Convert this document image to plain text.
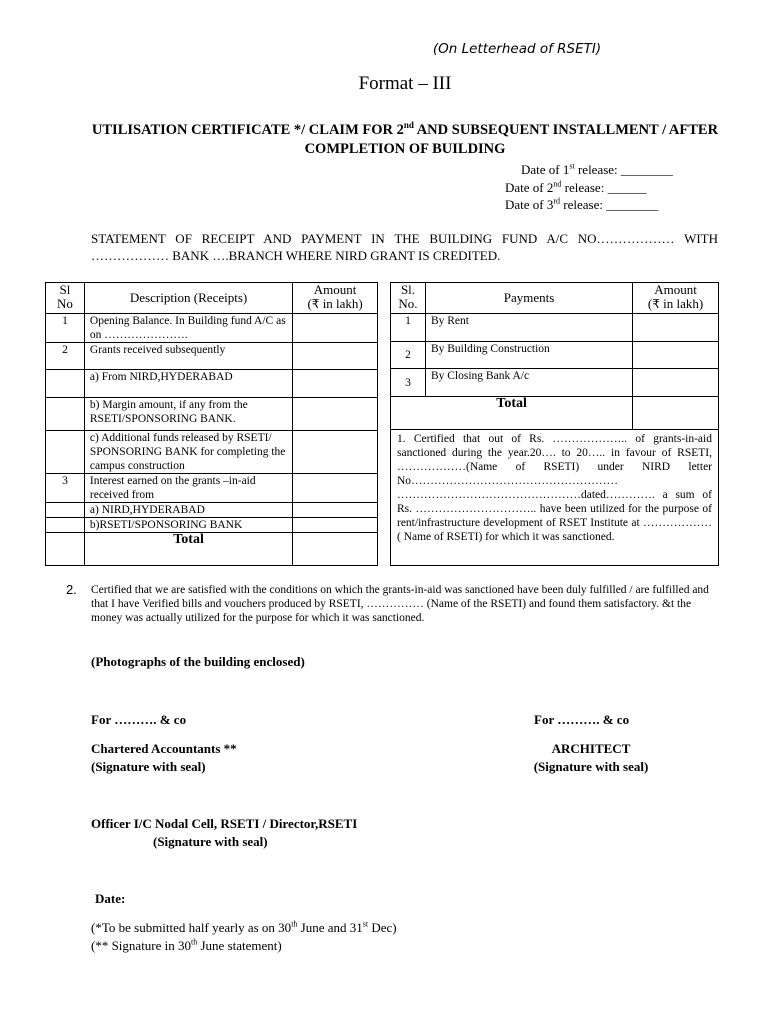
(On Letterhead of RSETI)
Format – III
UTILISATION CERTIFICATE */ CLAIM FOR 2nd AND SUBSEQUENT INSTALLMENT / AFTER COMPLETION OF BUILDING
Date of 1st release: ________
Date of 2nd release: ______
Date of 3rd release: ________
STATEMENT OF RECEIPT AND PAYMENT IN THE BUILDING FUND A/C NO……………… WITH
……………… BANK ….BRANCH WHERE NIRD GRANT IS CREDITED.
Sl No	Description (Receipts)	Amount
(₹ in lakh)
1	Opening Balance. In Building fund A/C as on ………………….	
2	Grants received subsequently	
	a) From NIRD,HYDERABAD	
	b) Margin amount, if any from the RSETI/SPONSORING BANK.	
	c) Additional funds released by RSETI/ SPONSORING BANK for completing the campus construction	
3	Interest earned on the grants –in-aid received from	
	a) NIRD,HYDERABAD	
	b)RSETI/SPONSORING BANK	
	Total	
Sl. No.	Payments	Amount
(₹ in lakh)
1	By Rent	
2	By Building Construction	
3	By Closing Bank A/c	
Total		
1. Certified that out of Rs. ……………….. of grants-in-aid sanctioned during the year.20…. to 20….. in favour of RSETI, ………………(Name of RSETI) under NIRD letter No……………………………………………… …………………………………………dated…………. a sum of Rs. ………………………….. have been utilized for the purpose of rent/infrastructure development of RSET Institute at ………………( Name of RSETI) for which it was sanctioned.		
2. Certified that we are satisfied with the conditions on which the grants-in-aid was sanctioned have been duly fulfilled / are fulfilled and that I have Verified bills and vouchers produced by RSETI, …………… (Name of the RSETI) and found them satisfactory. &t the money was actually utilized for the purpose for which it was sanctioned.
(Photographs of the building enclosed)
For ………. & co	For ………. & co
Chartered Accountants **
(Signature with seal)
ARCHITECT
(Signature with seal)
Officer I/C Nodal Cell, RSETI / Director,RSETI
(Signature with seal)
Date:
(*To be submitted half yearly as on 30th June and 31st Dec)
(** Signature in 30th June statement)
